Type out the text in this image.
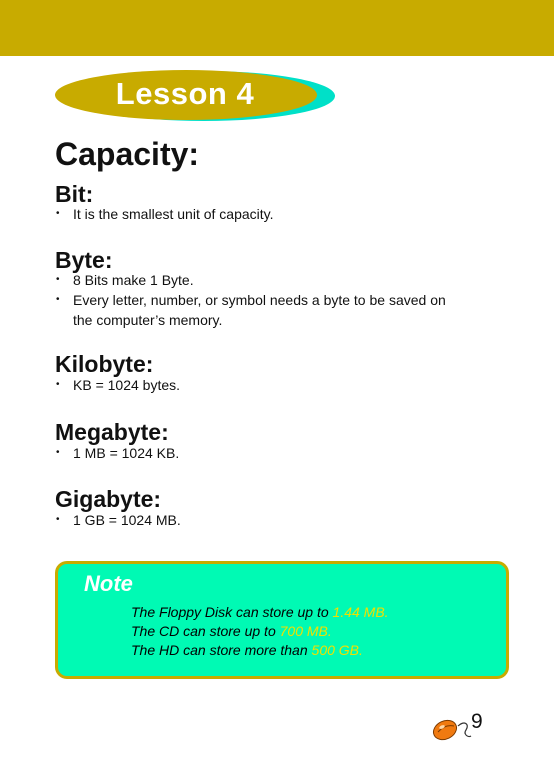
Lesson 4
Capacity:
Bit:
• It is the smallest unit of capacity.
Byte:
• 8 Bits make 1 Byte.
• Every letter, number, or symbol needs a byte to be saved on
the computer’s memory.
Kilobyte:
• KB = 1024 bytes.
Megabyte:
• 1 MB = 1024 KB.
Gigabyte:
• 1 GB = 1024 MB.
Note
The Floppy Disk can store up to 1.44 MB.
The CD can store up to 700 MB.
The HD can store more than 500 GB.
9
